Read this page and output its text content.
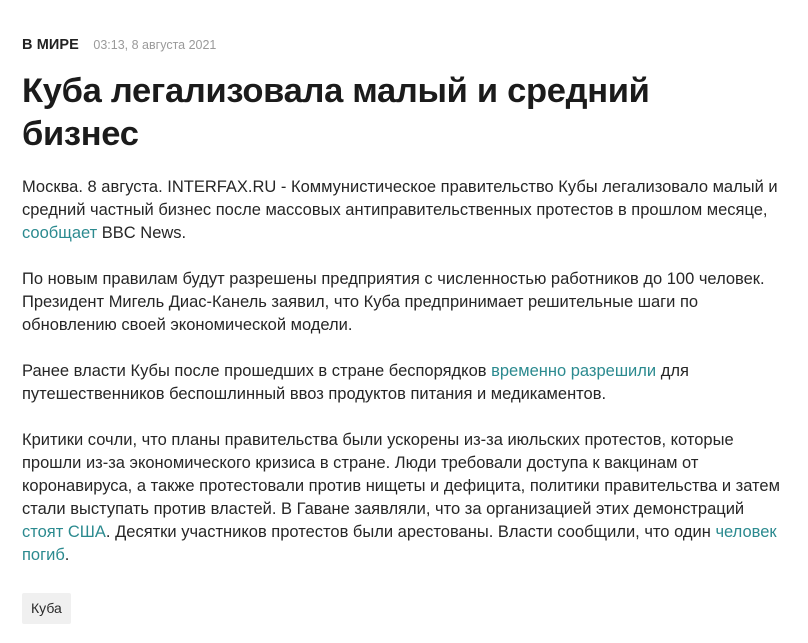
В МИРЕ 03:13, 8 августа 2021
Куба легализовала малый и средний бизнес

Москва. 8 августа. INTERFAX.RU - Коммунистическое правительство Кубы легализовало малый и средний частный бизнес после массовых антиправительственных протестов в прошлом месяце, сообщает BBC News.

По новым правилам будут разрешены предприятия с численностью работников до 100 человек. Президент Мигель Диас-Канель заявил, что Куба предпринимает решительные шаги по обновлению своей экономической модели.

Ранее власти Кубы после прошедших в стране беспорядков временно разрешили для путешественников беспошлинный ввоз продуктов питания и медикаментов.

Критики сочли, что планы правительства были ускорены из-за июльских протестов, которые прошли из-за экономического кризиса в стране. Люди требовали доступа к вакцинам от коронавируса, а также протестовали против нищеты и дефицита, политики правительства и затем стали выступать против властей. В Гаване заявляли, что за организацией этих демонстраций стоят США. Десятки участников протестов были арестованы. Власти сообщили, что один человек погиб.

Куба
